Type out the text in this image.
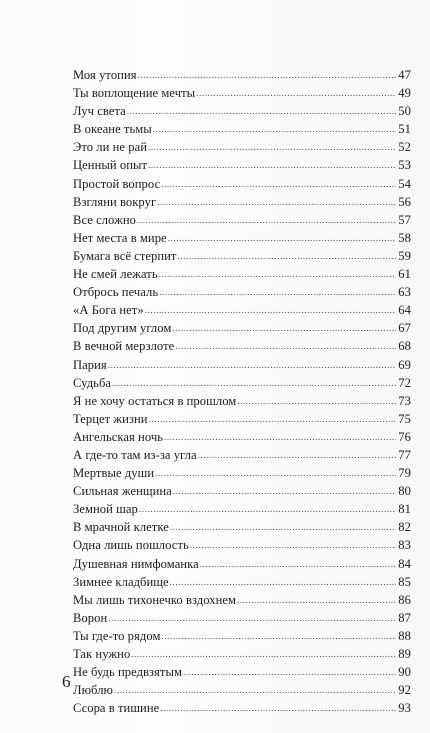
Моя утопия .....	47
Ты воплощение мечты .....	49
Луч света .....	50
В океане тьмы .....	51
Это ли не рай .....	52
Ценный опыт .....	53
Простой вопрос .....	54
Взгляни вокруг .....	56
Все сложно .....	57
Нет места в мире .....	58
Бумага всё стерпит .....	59
Не смей лежать .....	61
Отбрось печаль .....	63
«А Бога нет» .....	64
Под другим углом .....	67
В вечной мерзлоте .....	68
Пария .....	69
Судьба .....	72
Я не хочу остаться в прошлом .....	73
Терцет жизни .....	75
Ангельская ночь .....	76
А где-то там из-за угла .....	77
Мертвые души .....	79
Сильная женщина .....	80
Земной шар .....	81
В мрачной клетке .....	82
Одна лишь пошлость .....	83
Душевная нимфоманка .....	84
Зимнее кладбище .....	85
Мы лишь тихонечко вздохнем .....	86
Ворон .....	87
Ты где-то рядом .....	88
Так нужно .....	89
Не будь предвзятым .....	90
Люблю .....	92
Ссора в тишине .....	93
6
